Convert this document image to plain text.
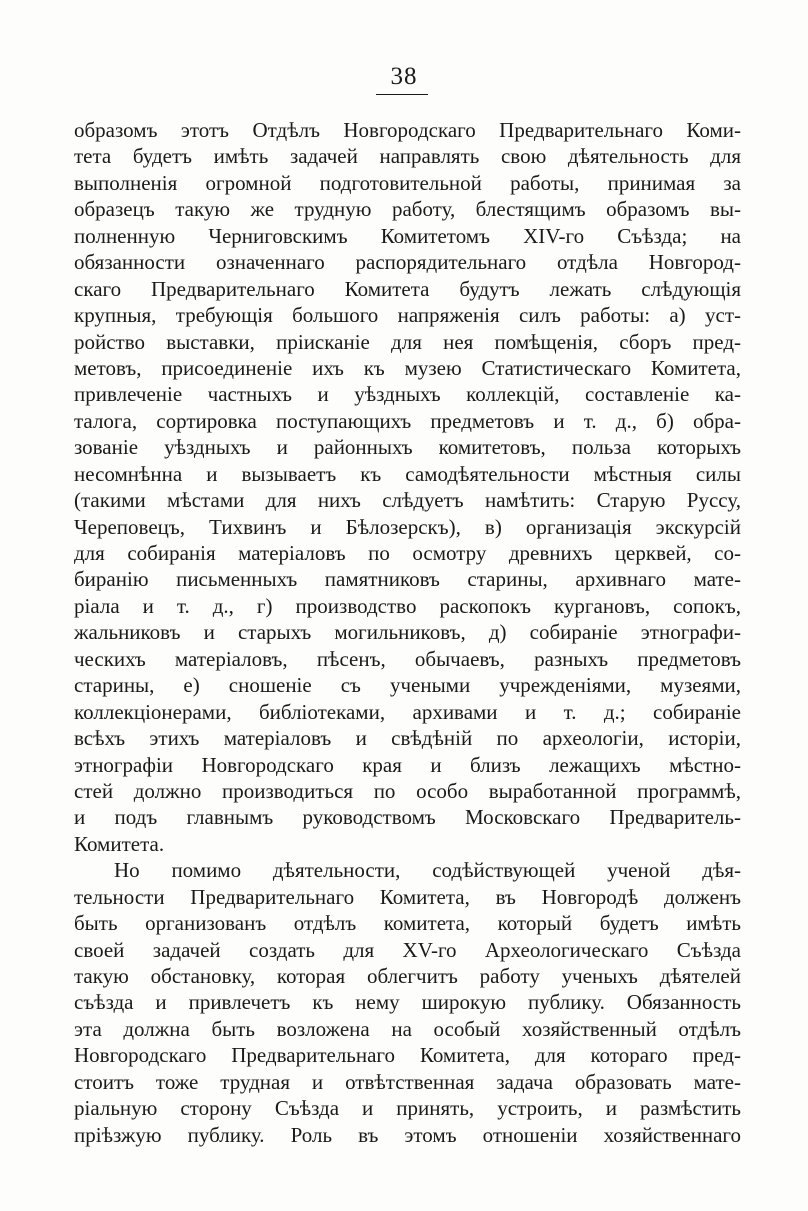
38
образомъ этотъ Отдѣлъ Новгородскаго Предварительнаго Коми-
тета будетъ имѣть задачей направлять свою дѣятельность для
выполненія огромной подготовительной работы, принимая за
образецъ такую же трудную работу, блестящимъ образомъ вы-
полненную Черниговскимъ Комитетомъ XIV-го Съѣзда; на
обязанности означеннаго распорядительнаго отдѣла Новгород-
скаго Предварительнаго Комитета будутъ лежать слѣдующія
крупныя, требующія большого напряженія силъ работы: а) уст-
ройство выставки, пріисканіе для нея помѣщенія, сборъ пред-
метовъ, присоединеніе ихъ къ музею Статистическаго Комитета,
привлеченіе частныхъ и уѣздныхъ коллекцій, составленіе ка-
талога, сортировка поступающихъ предметовъ и т. д., б) обра-
зованіе уѣздныхъ и районныхъ комитетовъ, польза которыхъ
несомнѣнна и вызываетъ къ самодѣятельности мѣстныя силы
(такими мѣстами для нихъ слѣдуетъ намѣтить: Старую Руссу,
Череповецъ, Тихвинъ и Бѣлозерскъ), в) организація экскурсій
для собиранія матеріаловъ по осмотру древнихъ церквей, со-
биранію письменныхъ памятниковъ старины, архивнаго мате-
ріала и т. д., г) производство раскопокъ кургановъ, сопокъ,
жальниковъ и старыхъ могильниковъ, д) собираніе этнографи-
ческихъ матеріаловъ, пѣсенъ, обычаевъ, разныхъ предметовъ
старины, е) сношеніе съ учеными учрежденіями, музеями,
коллекціонерами, библіотеками, архивами и т. д.; собираніе
всѣхъ этихъ матеріаловъ и свѣдѣній по археологіи, исторіи,
этнографіи Новгородскаго края и близъ лежащихъ мѣстно-
стей должно производиться по особо выработанной программѣ,
и подъ главнымъ руководствомъ Московскаго Предваритель-
Комитета.
Но помимо дѣятельности, содѣйствующей ученой дѣя-
тельности Предварительнаго Комитета, въ Новгородѣ долженъ
быть организованъ отдѣлъ комитета, который будетъ имѣть
своей задачей создать для XV-го Археологическаго Съѣзда
такую обстановку, которая облегчитъ работу ученыхъ дѣятелей
съѣзда и привлечетъ къ нему широкую публику. Обязанность
эта должна быть возложена на особый хозяйственный отдѣлъ
Новгородскаго Предварительнаго Комитета, для котораго пред-
стоитъ тоже трудная и отвѣтственная задача образовать мате-
ріальную сторону Съѣзда и принять, устроить, и размѣстить
пріѣзжую публику. Роль въ этомъ отношеніи хозяйственнаго
